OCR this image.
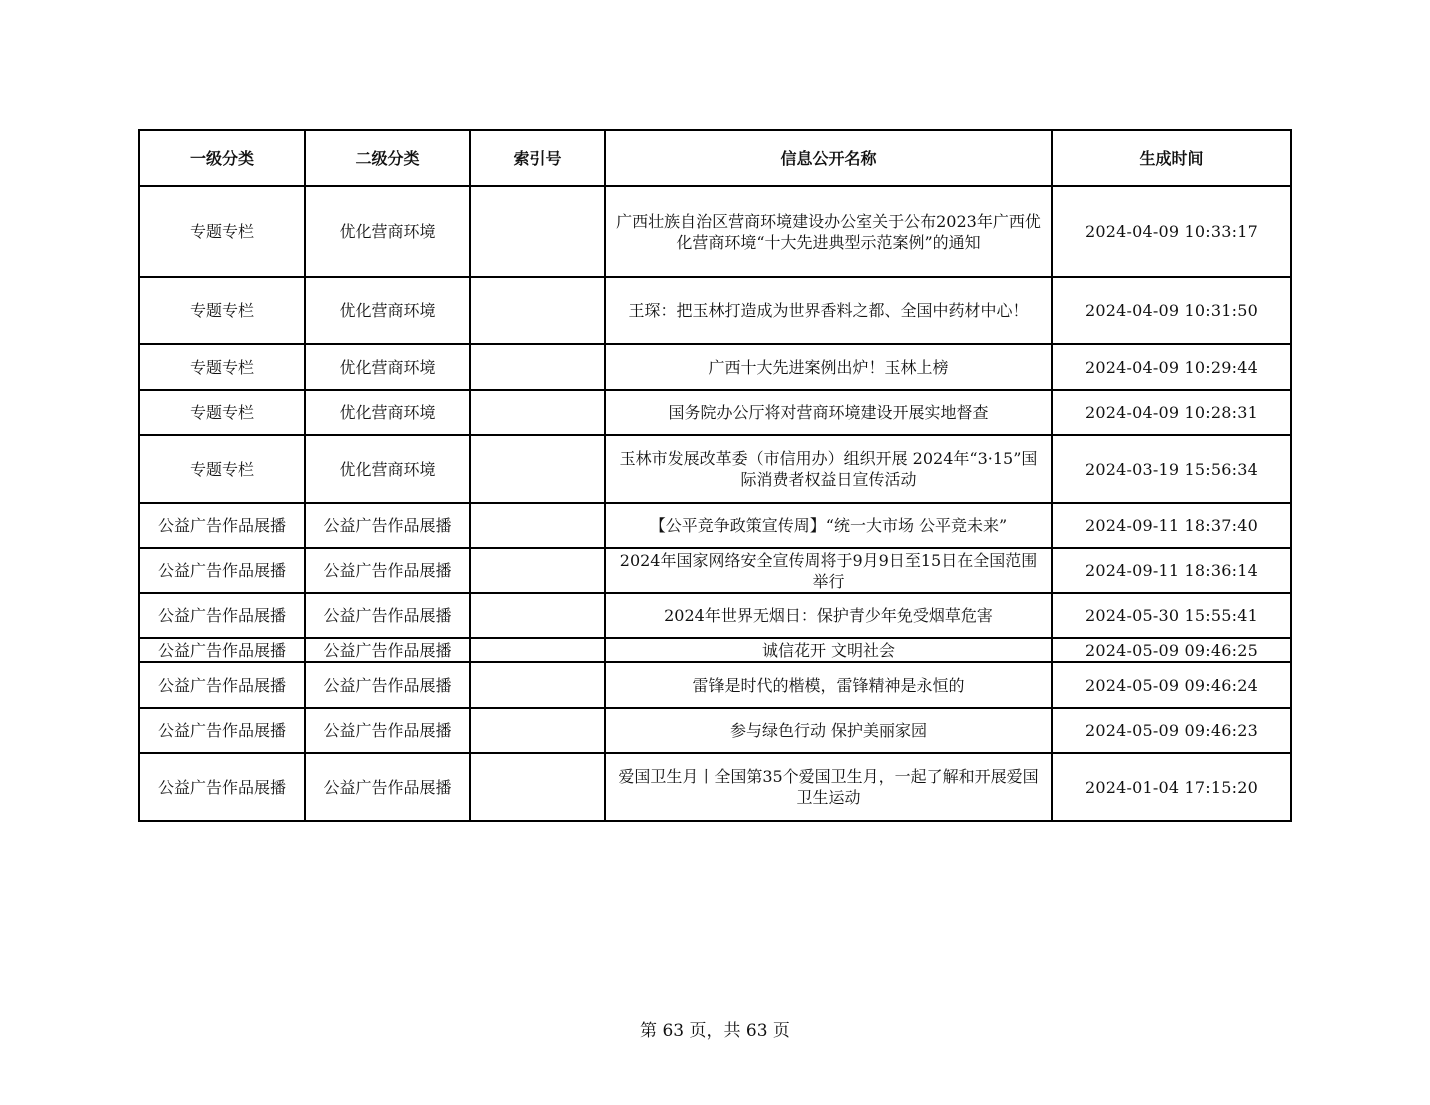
一级分类	二级分类	索引号	信息公开名称	生成时间
专题专栏	优化营商环境		广西壮族自治区营商环境建设办公室关于公布2023年广西优化营商环境“十大先进典型示范案例”的通知	2024-04-09 10:33:17
专题专栏	优化营商环境		王琛：把玉林打造成为世界香料之都、全国中药材中心！	2024-04-09 10:31:50
专题专栏	优化营商环境		广西十大先进案例出炉！玉林上榜	2024-04-09 10:29:44
专题专栏	优化营商环境		国务院办公厅将对营商环境建设开展实地督查	2024-04-09 10:28:31
专题专栏	优化营商环境		玉林市发展改革委（市信用办）组织开展 2024年“3·15”国际消费者权益日宣传活动	2024-03-19 15:56:34
公益广告作品展播	公益广告作品展播		【公平竞争政策宣传周】“统一大市场 公平竞未来”	2024-09-11 18:37:40
公益广告作品展播	公益广告作品展播		2024年国家网络安全宣传周将于9月9日至15日在全国范围举行	2024-09-11 18:36:14
公益广告作品展播	公益广告作品展播		2024年世界无烟日：保护青少年免受烟草危害	2024-05-30 15:55:41
公益广告作品展播	公益广告作品展播		诚信花开 文明社会	2024-05-09 09:46:25
公益广告作品展播	公益广告作品展播		雷锋是时代的楷模，雷锋精神是永恒的	2024-05-09 09:46:24
公益广告作品展播	公益广告作品展播		参与绿色行动 保护美丽家园	2024-05-09 09:46:23
公益广告作品展播	公益广告作品展播		爱国卫生月丨全国第35个爱国卫生月，一起了解和开展爱国卫生运动	2024-01-04 17:15:20
第 63 页，共 63 页
